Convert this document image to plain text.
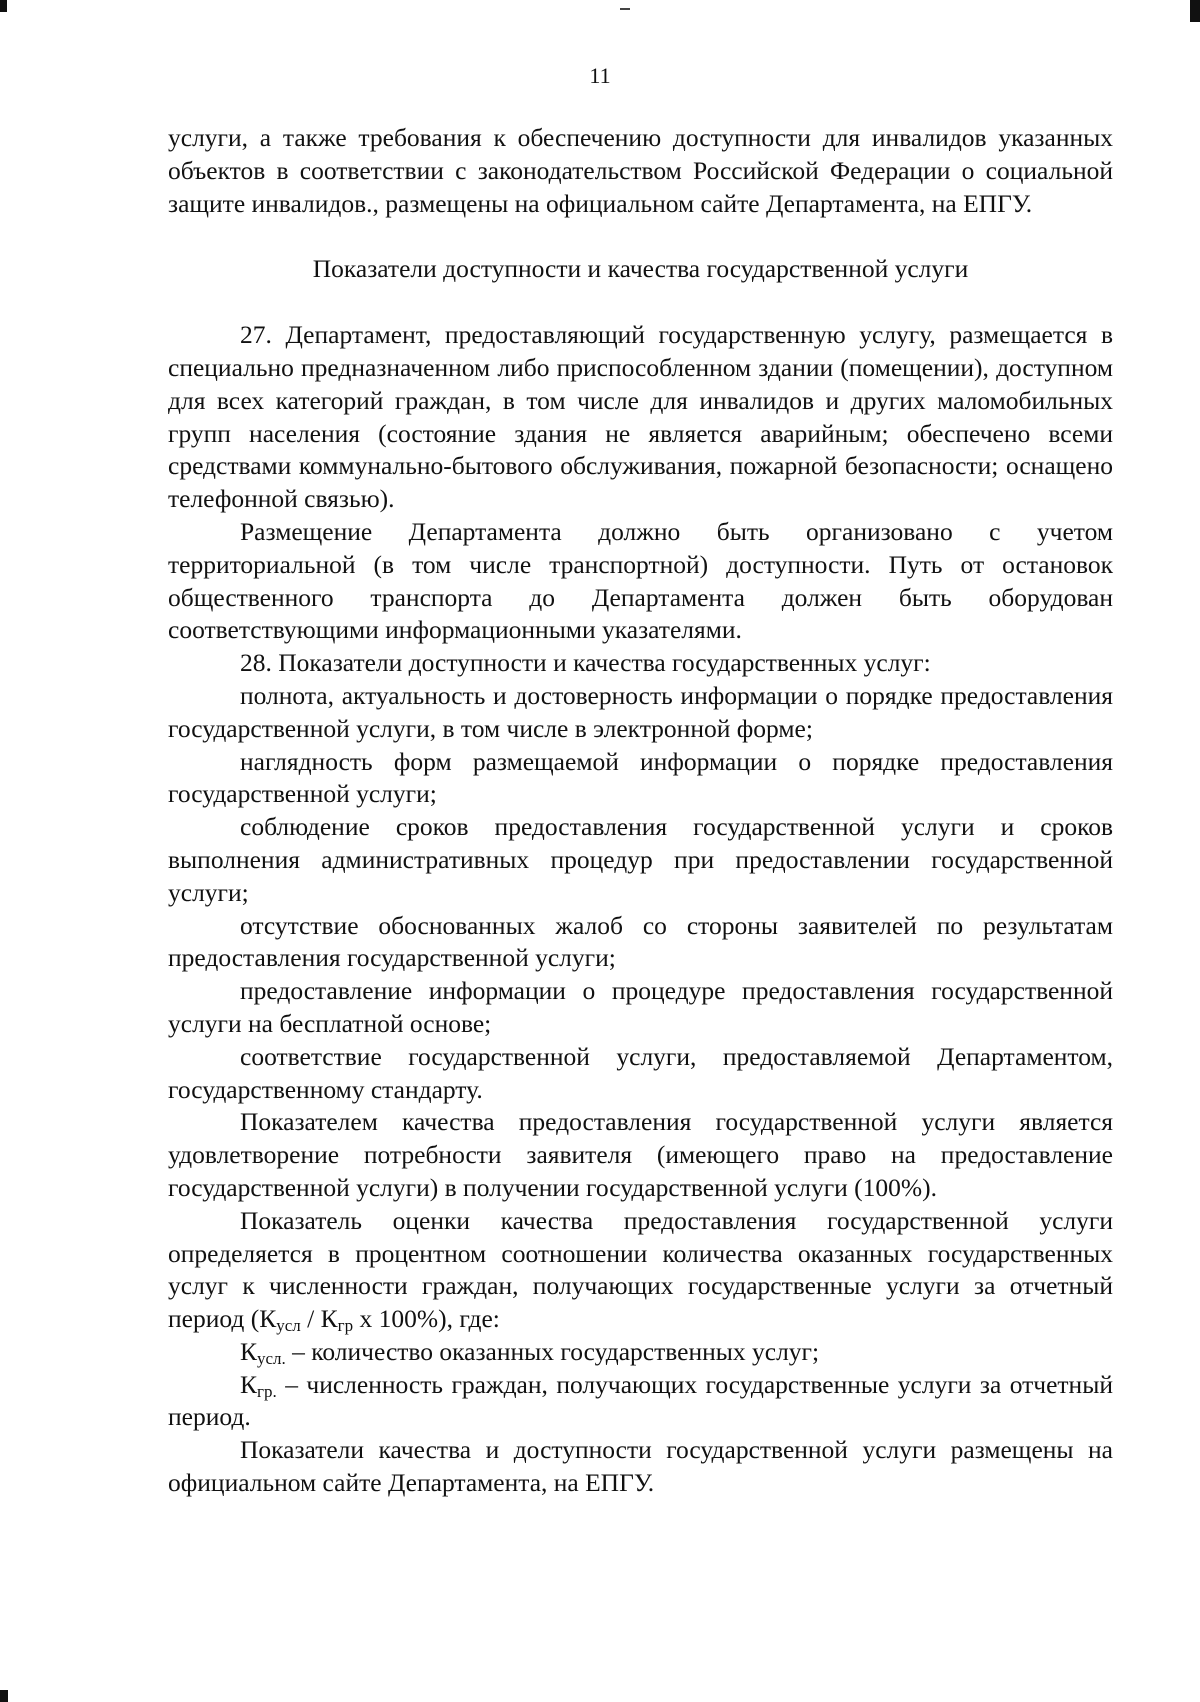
11

услуги, а также требования к обеспечению доступности для инвалидов указанных объектов в соответствии с законодательством Российской Федерации о социальной защите инвалидов., размещены на официальном сайте Департамента, на ЕПГУ.

Показатели доступности и качества государственной услуги

27. Департамент, предоставляющий государственную услугу, размещается в специально предназначенном либо приспособленном здании (помещении), доступном для всех категорий граждан, в том числе для инвалидов и других маломобильных групп населения (состояние здания не является аварийным; обеспечено всеми средствами коммунально-бытового обслуживания, пожарной безопасности; оснащено телефонной связью).

Размещение Департамента должно быть организовано с учетом территориальной (в том числе транспортной) доступности. Путь от остановок общественного транспорта до Департамента должен быть оборудован соответствующими информационными указателями.

28. Показатели доступности и качества государственных услуг:

полнота, актуальность и достоверность информации о порядке предоставления государственной услуги, в том числе в электронной форме;

наглядность форм размещаемой информации о порядке предоставления государственной услуги;

соблюдение сроков предоставления государственной услуги и сроков выполнения административных процедур при предоставлении государственной услуги;

отсутствие обоснованных жалоб со стороны заявителей по результатам предоставления государственной услуги;

предоставление информации о процедуре предоставления государственной услуги на бесплатной основе;

соответствие государственной услуги, предоставляемой Департаментом, государственному стандарту.

Показателем качества предоставления государственной услуги является удовлетворение потребности заявителя (имеющего право на предоставление государственной услуги) в получении государственной услуги (100%).

Показатель оценки качества предоставления государственной услуги определяется в процентном соотношении количества оказанных государственных услуг к численности граждан, получающих государственные услуги за отчетный период ($К_{усл} / К_{гр}$ х 100%), где:

$К_{усл.}$ – количество оказанных государственных услуг;

$К_{гр.}$ – численность граждан, получающих государственные услуги за отчетный период.

Показатели качества и доступности государственной услуги размещены на официальном сайте Департамента, на ЕПГУ.
